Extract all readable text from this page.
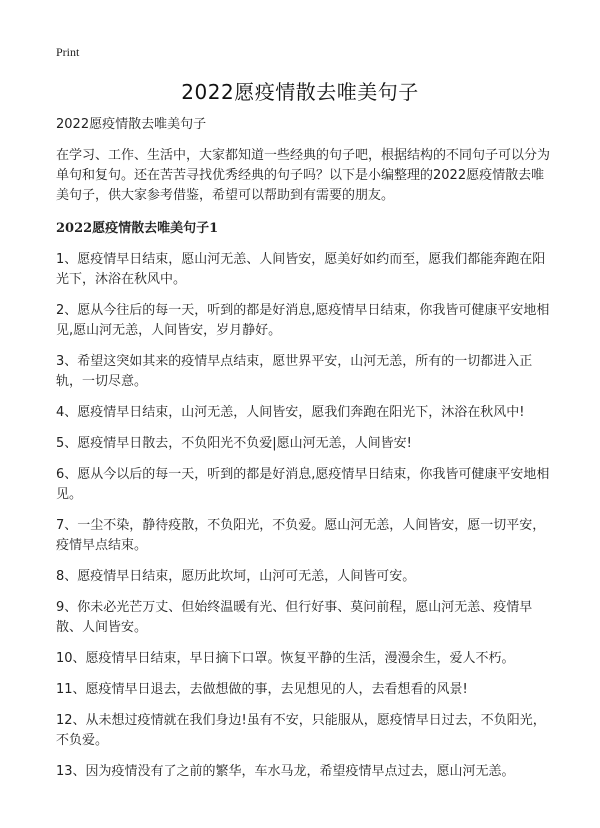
Print
2022愿疫情散去唯美句子

2022愿疫情散去唯美句子

在学习、工作、生活中，大家都知道一些经典的句子吧，根据结构的不同句子可以分为单句和复句。还在苦苦寻找优秀经典的句子吗？以下是小编整理的2022愿疫情散去唯美句子，供大家参考借鉴，希望可以帮助到有需要的朋友。

2022愿疫情散去唯美句子1

1、愿疫情早日结束，愿山河无恙、人间皆安，愿美好如约而至，愿我们都能奔跑在阳光下，沐浴在秋风中。

2、愿从今往后的每一天，听到的都是好消息,愿疫情早日结束，你我皆可健康平安地相见,愿山河无恙，人间皆安，岁月静好。

3、希望这突如其来的疫情早点结束，愿世界平安，山河无恙，所有的一切都进入正轨，一切尽意。

4、愿疫情早日结束，山河无恙，人间皆安，愿我们奔跑在阳光下，沐浴在秋风中!

5、愿疫情早日散去，不负阳光不负爱|愿山河无恙，人间皆安!

6、愿从今以后的每一天，听到的都是好消息,愿疫情早日结束，你我皆可健康平安地相见。

7、一尘不染，静待疫散，不负阳光，不负爱。愿山河无恙，人间皆安，愿一切平安，疫情早点结束。

8、愿疫情早日结束，愿历此坎坷，山河可无恙，人间皆可安。

9、你未必光芒万丈、但始终温暖有光、但行好事、莫问前程，愿山河无恙、疫情早散、人间皆安。

10、愿疫情早日结束，早日摘下口罩。恢复平静的生活，漫漫余生，爱人不朽。

11、愿疫情早日退去，去做想做的事，去见想见的人，去看想看的风景!

12、从未想过疫情就在我们身边!虽有不安，只能服从，愿疫情早日过去，不负阳光，不负爱。

13、因为疫情没有了之前的繁华，车水马龙，希望疫情早点过去，愿山河无恙。
